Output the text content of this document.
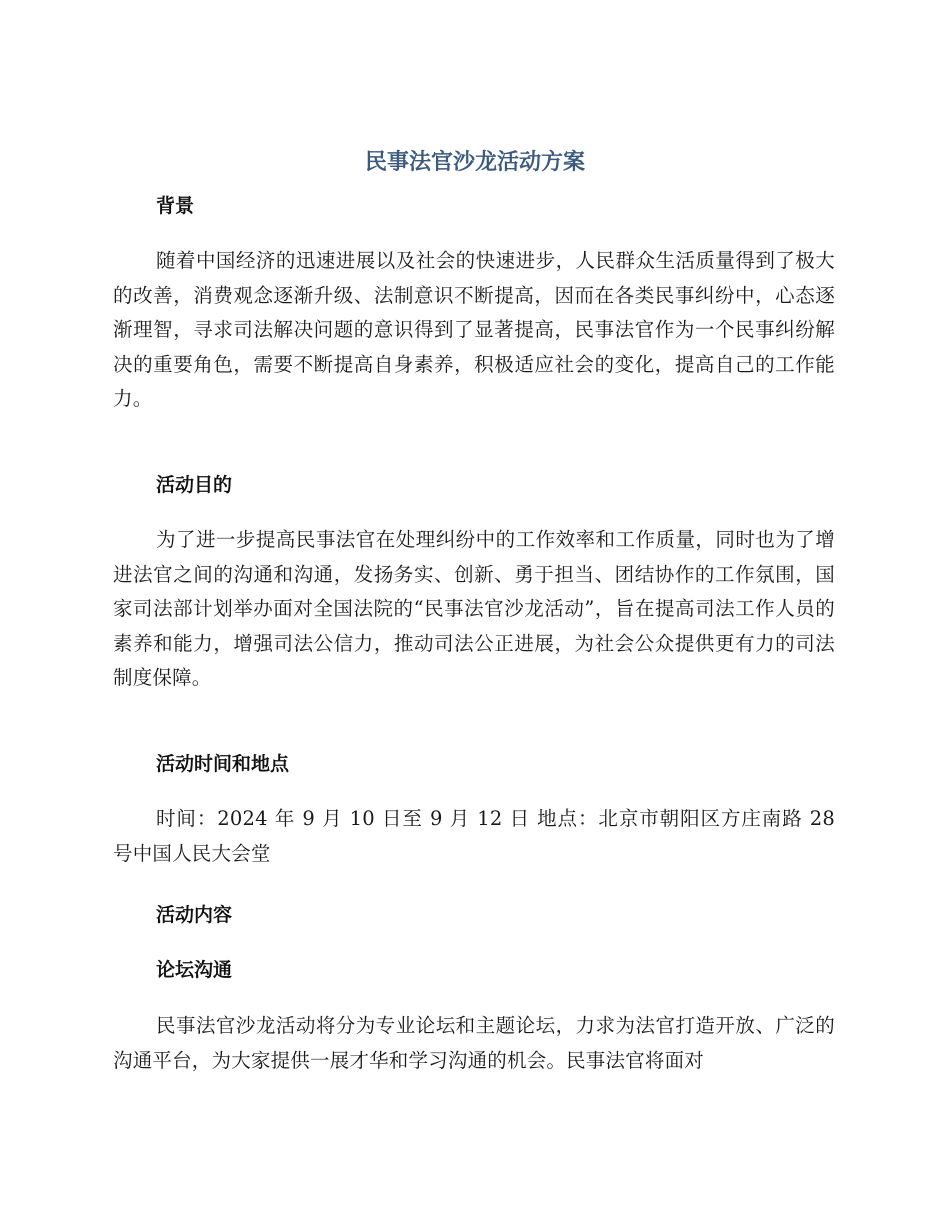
民事法官沙龙活动方案
背景

随着中国经济的迅速进展以及社会的快速进步，人民群众生活质量得到了极大的改善，消费观念逐渐升级、法制意识不断提高，因而在各类民事纠纷中，心态逐渐理智，寻求司法解决问题的意识得到了显著提高，民事法官作为一个民事纠纷解决的重要角色，需要不断提高自身素养，积极适应社会的变化，提高自己的工作能力。

活动目的

为了进一步提高民事法官在处理纠纷中的工作效率和工作质量，同时也为了增进法官之间的沟通和沟通，发扬务实、创新、勇于担当、团结协作的工作氛围，国家司法部计划举办面对全国法院的“民事法官沙龙活动”，旨在提高司法工作人员的素养和能力，增强司法公信力，推动司法公正进展，为社会公众提供更有力的司法制度保障。

活动时间和地点

时间：2024 年 9 月 10 日至 9 月 12 日 地点：北京市朝阳区方庄南路 28 号中国人民大会堂

活动内容
论坛沟通

民事法官沙龙活动将分为专业论坛和主题论坛，力求为法官打造开放、广泛的沟通平台，为大家提供一展才华和学习沟通的机会。民事法官将面对
